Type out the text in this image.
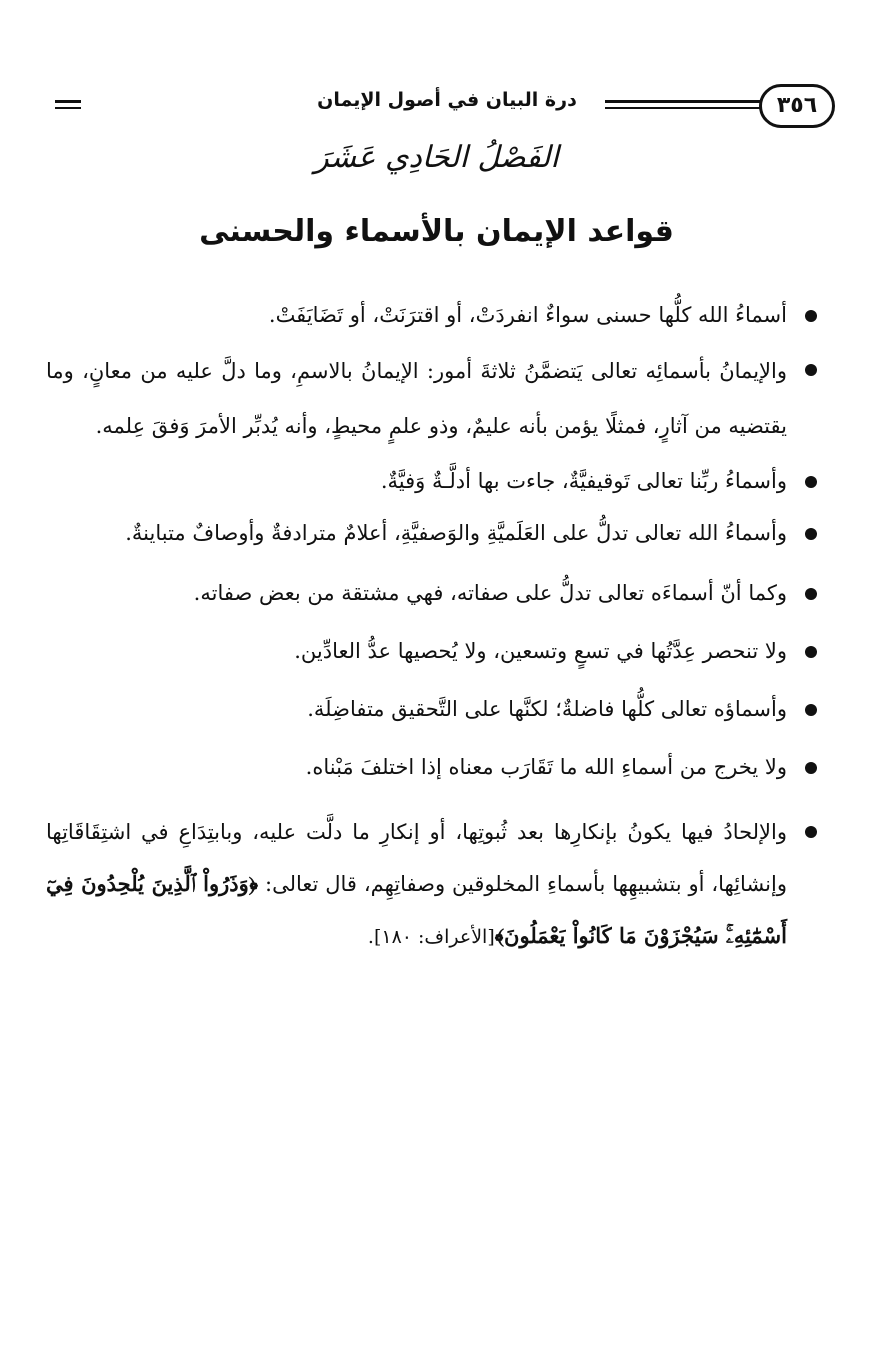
٣٥٦
درة البيان في أصول الإيمان
الفَصْلُ الحَادِي عَشَرَ
قواعد الإيمان بالأسماء والحسنى
أسماءُ الله كلُّها حسنى سواءٌ انفردَتْ، أو اقترَنَتْ، أو تَضَايَفَتْ.
والإيمانُ بأسمائِه تعالى يَتضمَّنُ ثلاثةَ أمور: الإيمانُ بالاسمِ، وما دلَّ عليه من معانٍ، وما يقتضيه من آثارٍ، فمثلًا يؤمن بأنه عليمٌ، وذو علمٍ محيطٍ، وأنه يُدبِّر الأمرَ وَفقَ عِلمه.
وأسماءُ ربِّنا تعالى تَوقيفيَّةٌ، جاءت بها أدلَّـةٌ وَفيَّةٌ.
وأسماءُ الله تعالى تدلُّ على العَلَميَّةِ والوَصفيَّةِ، أعلامٌ مترادفةٌ وأوصافٌ متباينةٌ.
وكما أنّ أسماءَه تعالى تدلُّ على صفاته، فهي مشتقة من بعض صفاته.
ولا تنحصر عِدَّتُها في تسعٍ وتسعين، ولا يُحصيها عدُّ العادِّين.
وأسماؤه تعالى كلُّها فاضلةٌ؛ لكنَّها على التَّحقيق متفاضِلَة.
ولا يخرج من أسماءِ الله ما تَقَارَب معناه إذا اختلفَ مَبْناه.
والإلحادُ فيها يكونُ بإنكارِها بعد ثُبوتِها، أو إنكارِ ما دلَّت عليه، وبابتِدَاعِ في اشتِقَاقَاتِها وإنشائِها، أو بتشبيهِها بأسماءِ المخلوقين وصفاتِهِم، قال تعالى: ﴿وَذَرُواْ ٱلَّذِينَ يُلْحِدُونَ فِيٓ أَسْمَٰٓئِهِۦۚ سَيُجْزَوْنَ مَا كَانُواْ يَعْمَلُونَ﴾[الأعراف: ١٨٠].
